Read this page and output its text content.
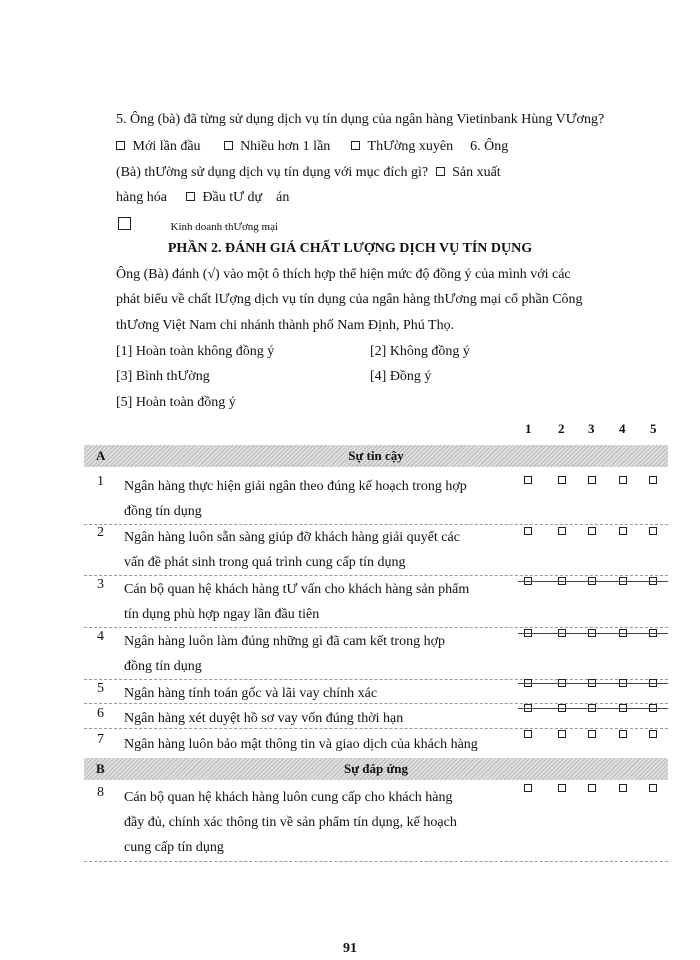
5. Ông (bà) đã từng sử dụng dịch vụ tín dụng của ngân hàng Vietinbank Hùng VƯơng?
Mới lần đầu	Nhiều hơn 1 lần	ThƯờng xuyên 6. Ông
(Bà) thƯờng sử dụng dịch vụ tín dụng với mục đích gì? Sản xuất
hàng hóa	Đầu tƯ dự    án
Kinh doanh thƯơng mại
PHẦN 2. ĐÁNH GIÁ CHẤT LƯỢNG DỊCH VỤ TÍN DỤNG
Ông (Bà) đánh (√) vào một ô thích hợp thể hiện mức độ đồng ý của mình với các
phát biểu về chất lƯợng dịch vụ tín dụng của ngân hàng thƯơng mại cổ phần Công
thƯơng Việt Nam chi nhánh thành phố Nam Định, Phú Thọ.
[1] Hoàn toàn không đồng ý	[2] Không đồng ý
[3] Bình thƯờng	[4] Đồng ý
[5] Hoàn toàn đồng ý
1 2 3 4 5
A	Sự tin cậy
1 Ngân hàng thực hiện giải ngân theo đúng kế hoạch trong hợp
đồng tín dụng
2 Ngân hàng luôn sẵn sàng giúp đỡ khách hàng giải quyết các
vấn đề phát sinh trong quá trình cung cấp tín dụng
3 Cán bộ quan hệ khách hàng tƯ vấn cho khách hàng sản phẩm
tín dụng phù hợp ngay lần đầu tiên
4 Ngân hàng luôn làm đúng những gì đã cam kết trong hợp
đồng tín dụng
5 Ngân hàng tính toán gốc và lãi vay chính xác
6 Ngân hàng xét duyệt hồ sơ vay vốn đúng thời hạn
7 Ngân hàng luôn bảo mật thông tin và giao dịch của khách hàng
B	Sự đáp ứng
8 Cán bộ quan hệ khách hàng luôn cung cấp cho khách hàng
đầy đủ, chính xác thông tin về sản phẩm tín dụng, kế hoạch
cung cấp tín dụng
91
